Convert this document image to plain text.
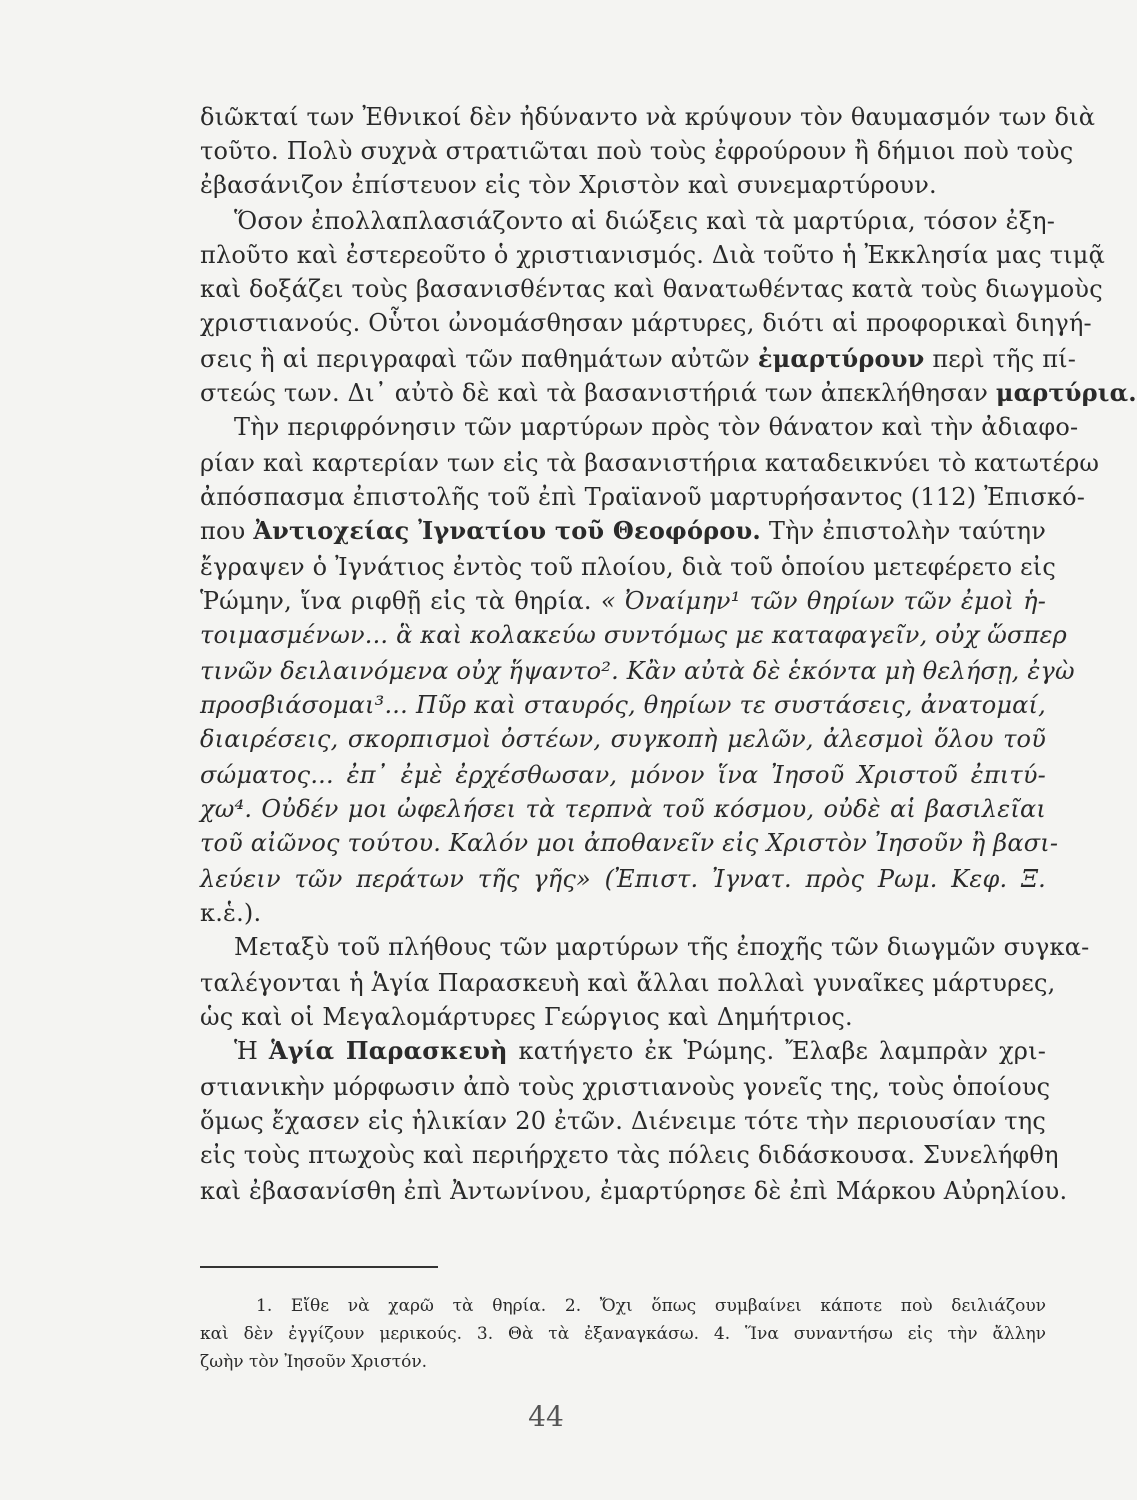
διῶκταί των Ἐθνικοί δὲν ἠδύναντο νὰ κρύψουν τὸν θαυμασμόν των διὰ
τοῦτο. Πολὺ συχνὰ στρατιῶται ποὺ τοὺς ἐφρούρουν ἢ δήμιοι ποὺ τοὺς
ἐβασάνιζον ἐπίστευον εἰς τὸν Χριστὸν καὶ συνεμαρτύρουν.
Ὅσον ἐπολλαπλασιάζοντο αἱ διώξεις καὶ τὰ μαρτύρια, τόσον ἐξη-
πλοῦτο καὶ ἐστερεοῦτο ὁ χριστιανισμός. Διὰ τοῦτο ἡ Ἐκκλησία μας τιμᾷ
καὶ δοξάζει τοὺς βασανισθέντας καὶ θανατωθέντας κατὰ τοὺς διωγμοὺς
χριστιανούς. Οὗτοι ὠνομάσθησαν μάρτυρες, διότι αἱ προφορικαὶ διηγή-
σεις ἢ αἱ περιγραφαὶ τῶν παθημάτων αὐτῶν ἐμαρτύρουν περὶ τῆς πί-
στεώς των. Δι᾿ αὐτὸ δὲ καὶ τὰ βασανιστήριά των ἀπεκλήθησαν μαρτύρια.
Τὴν περιφρόνησιν τῶν μαρτύρων πρὸς τὸν θάνατον καὶ τὴν ἀδιαφο-
ρίαν καὶ καρτερίαν των εἰς τὰ βασανιστήρια καταδεικνύει τὸ κατωτέρω
ἀπόσπασμα ἐπιστολῆς τοῦ ἐπὶ Τραϊανοῦ μαρτυρήσαντος (112) Ἐπισκό-
που Ἀντιοχείας Ἰγνατίου τοῦ Θεοφόρου. Τὴν ἐπιστολὴν ταύτην
ἔγραψεν ὁ Ἰγνάτιος ἐντὸς τοῦ πλοίου, διὰ τοῦ ὁποίου μετεφέρετο εἰς
Ῥώμην, ἵνα ριφθῇ εἰς τὰ θηρία. « Ὀναίμην¹ τῶν θηρίων τῶν ἐμοὶ ἡ-
τοιμασμένων... ἃ καὶ κολακεύω συντόμως με καταφαγεῖν, οὐχ ὥσπερ
τινῶν δειλαινόμενα οὐχ ἥψαντο². Κἂν αὐτὰ δὲ ἑκόντα μὴ θελήσῃ, ἐγὼ
προσβιάσομαι³... Πῦρ καὶ σταυρός, θηρίων τε συστάσεις, ἀνατομαί,
διαιρέσεις, σκορπισμοὶ ὀστέων, συγκοπὴ μελῶν, ἀλεσμοὶ ὅλου τοῦ
σώματος... ἐπ᾿ ἐμὲ ἐρχέσθωσαν, μόνον ἵνα Ἰησοῦ Χριστοῦ ἐπιτύ-
χω⁴. Οὐδέν μοι ὠφελήσει τὰ τερπνὰ τοῦ κόσμου, οὐδὲ αἱ βασιλεῖαι
τοῦ αἰῶνος τούτου. Καλόν μοι ἀποθανεῖν εἰς Χριστὸν Ἰησοῦν ἢ βασι-
λεύειν τῶν περάτων τῆς γῆς» (Ἐπιστ. Ἰγνατ. πρὸς Ρωμ. Κεφ. Ξ.
κ.ἑ.).
Μεταξὺ τοῦ πλήθους τῶν μαρτύρων τῆς ἐποχῆς τῶν διωγμῶν συγκα-
ταλέγονται ἡ Ἁγία Παρασκευὴ καὶ ἄλλαι πολλαὶ γυναῖκες μάρτυρες,
ὡς καὶ οἱ Μεγαλομάρτυρες Γεώργιος καὶ Δημήτριος.
Ἡ Ἁγία Παρασκευὴ κατήγετο ἐκ Ῥώμης. Ἔλαβε λαμπρὰν χρι-
στιανικὴν μόρφωσιν ἀπὸ τοὺς χριστιανοὺς γονεῖς της, τοὺς ὁποίους
ὅμως ἔχασεν εἰς ἡλικίαν 20 ἐτῶν. Διένειμε τότε τὴν περιουσίαν της
εἰς τοὺς πτωχοὺς καὶ περιήρχετο τὰς πόλεις διδάσκουσα. Συνελήφθη
καὶ ἐβασανίσθη ἐπὶ Ἀντωνίνου, ἐμαρτύρησε δὲ ἐπὶ Μάρκου Αὐρηλίου.
1. Εἴθε νὰ χαρῶ τὰ θηρία. 2. Ὄχι ὅπως συμβαίνει κάποτε ποὺ δειλιάζουν
καὶ δὲν ἐγγίζουν μερικούς. 3. Θὰ τὰ ἐξαναγκάσω. 4. Ἵνα συναντήσω εἰς τὴν ἄλλην
ζωὴν τὸν Ἰησοῦν Χριστόν.
44
